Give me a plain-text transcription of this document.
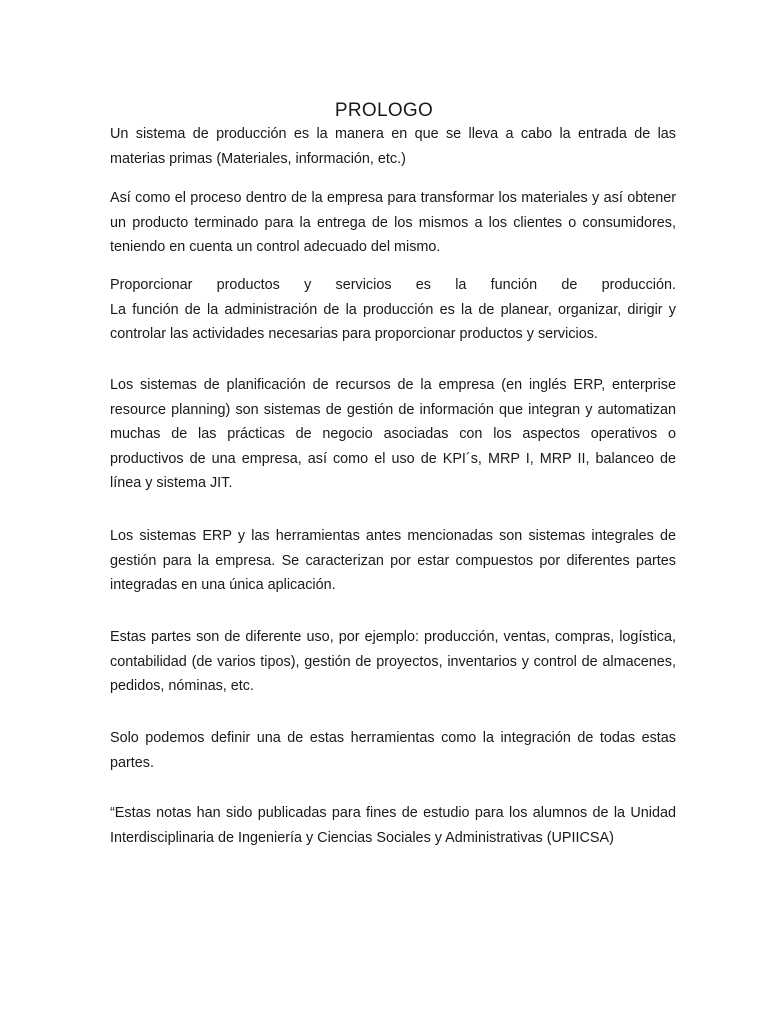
PROLOGO

Un sistema de producción es la manera en que se lleva a cabo la entrada de las materias primas (Materiales, información, etc.)

Así como el proceso dentro de la empresa para transformar los materiales y así obtener un producto terminado para la entrega de los mismos a los clientes o consumidores, teniendo en cuenta un control adecuado del mismo.

Proporcionar productos y servicios es la función de producción.
La función de la administración de la producción es la de planear, organizar, dirigir y controlar las actividades necesarias para proporcionar productos y servicios.

Los sistemas de planificación de recursos de la empresa (en inglés ERP, enterprise resource planning) son sistemas de gestión de información que integran y automatizan muchas de las prácticas de negocio asociadas con los aspectos operativos o productivos de una empresa, así como el uso de KPI´s, MRP I, MRP II, balanceo de línea y sistema JIT.

Los sistemas ERP y las herramientas antes mencionadas son sistemas integrales de gestión para la empresa. Se caracterizan por estar compuestos por diferentes partes integradas en una única aplicación.

Estas partes son de diferente uso, por ejemplo: producción, ventas, compras, logística, contabilidad (de varios tipos), gestión de proyectos, inventarios y control de almacenes, pedidos, nóminas, etc.

Solo podemos definir una de estas herramientas como la integración de todas estas partes.

“Estas notas han sido publicadas para fines de estudio para los alumnos de la Unidad Interdisciplinaria de Ingeniería y Ciencias Sociales y Administrativas (UPIICSA)
